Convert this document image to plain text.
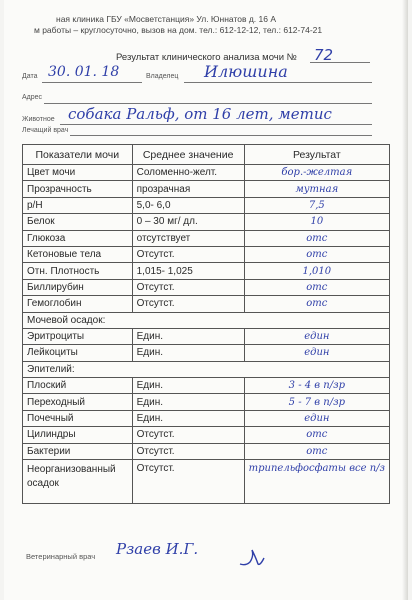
ная клиника ГБУ «Мосветстанция» Ул. Юннатов д. 16 А
м работы – круглосуточно, вызов на дом. тел.: 612-12-12, тел.: 612-74-21
Результат клинического анализа мочи № 72
Дата 30. 01. 18	Владелец Илюшина
Адрес
Животное собака Ральф, от 16 лет, метис
Лечащий врач
Показатели мочи	Среднее значение	Результат
Цвет мочи	Соломенно-желт.	бор.-желтая
Прозрачность	прозрачная	мутная
р/Н	5,0- 6,0	7,5
Белок	0 – 30 мг/ дл.	10
Глюкоза	отсутствует	отс
Кетоновые тела	Отсутст.	отс
Отн. Плотность	1,015- 1,025	1,010
Биллирубин	Отсутст.	отс
Гемоглобин	Отсутст.	отс
Мочевой осадок:		
Эритроциты	Един.	един
Лейкоциты	Един.	един
Эпителий:		
Плоский	Един.	3 - 4 в п/зр
Переходный	Един.	5 - 7 в п/зр
Почечный	Един.	един
Цилиндры	Отсутст.	отс
Бактерии	Отсутст.	отс
Неорганизованный осадок	Отсутст.	трипельфосфаты все п/з
Ветеринарный врач Рзаев И.Г.
